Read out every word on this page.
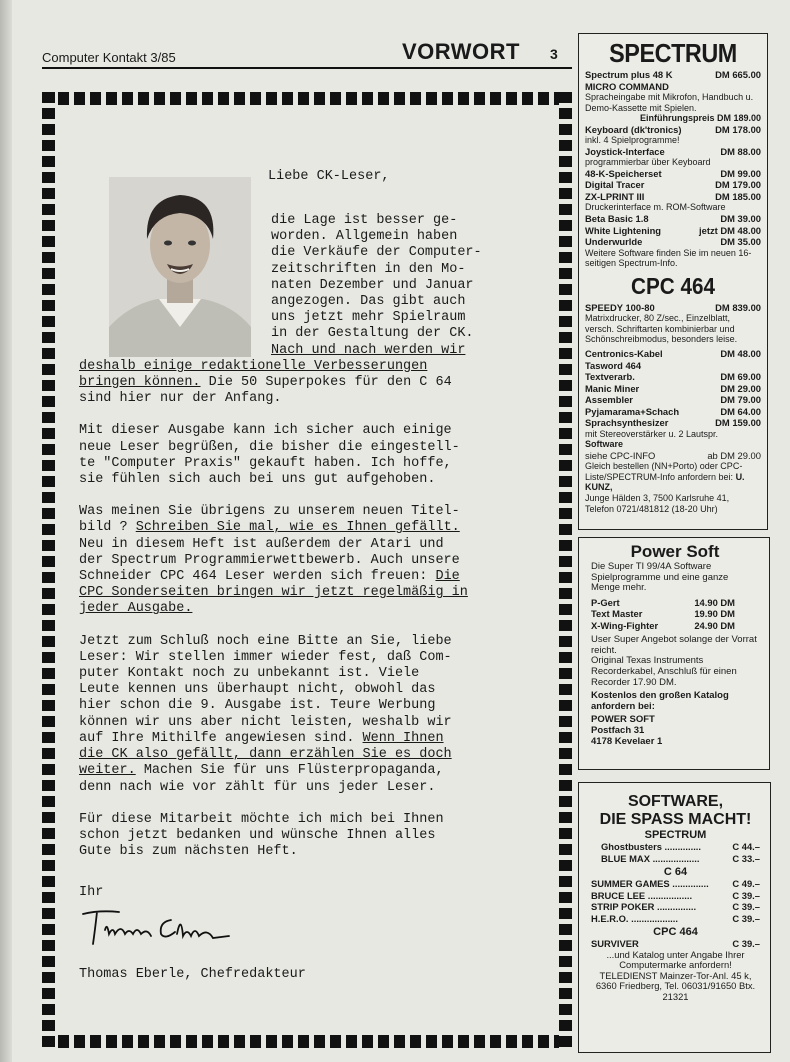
Computer Kontakt 3/85	VORWORT 3
Liebe CK-Leser,
die Lage ist besser ge-
worden. Allgemein haben
die Verkäufe der Computer-
zeitschriften in den Mo-
naten Dezember und Januar
angezogen. Das gibt auch
uns jetzt mehr Spielraum
in der Gestaltung der CK.

Nach und nach werden wir
deshalb einige redaktionelle Verbesserungen
bringen können. Die 50 Superpokes für den C 64
sind hier nur der Anfang.

Mit dieser Ausgabe kann ich sicher auch einige
neue Leser begrüßen, die bisher die eingestell-
te "Computer Praxis" gekauft haben. Ich hoffe,
sie fühlen sich auch bei uns gut aufgehoben.

Was meinen Sie übrigens zu unserem neuen Titel-
bild ? Schreiben Sie mal, wie es Ihnen gefällt.
Neu in diesem Heft ist außerdem der Atari und
der Spectrum Programmierwettbewerb. Auch unsere
Schneider CPC 464 Leser werden sich freuen: Die
CPC Sonderseiten bringen wir jetzt regelmäßig in
jeder Ausgabe.

Jetzt zum Schluß noch eine Bitte an Sie, liebe
Leser: Wir stellen immer wieder fest, daß Com-
puter Kontakt noch zu unbekannt ist. Viele
Leute kennen uns überhaupt nicht, obwohl das
hier schon die 9. Ausgabe ist. Teure Werbung
können wir uns aber nicht leisten, weshalb wir
auf Ihre Mithilfe angewiesen sind. Wenn Ihnen
die CK also gefällt, dann erzählen Sie es doch
weiter. Machen Sie für uns Flüsterpropaganda,
denn nach wie vor zählt für uns jeder Leser.

Für diese Mitarbeit möchte ich mich bei Ihnen
schon jetzt bedanken und wünsche Ihnen alles
Gute bis zum nächsten Heft.

Ihr
Thomas Eberle, Chefredakteur
SPECTRUM
Spectrum plus 48 K	DM 665.00
MICRO COMMAND
Spracheingabe mit Mikrofon, Handbuch u. Demo-Kassette mit Spielen.
Einführungspreis DM 189.00
Keyboard (dk'tronics)	DM 178.00
inkl. 4 Spielprogramme!
Joystick-Interface	DM 88.00
programmierbar über Keyboard
48-K-Speicherset	DM 99.00
Digital Tracer	DM 179.00
ZX-LPRINT III	DM 185.00
Druckerinterface m. ROM-Software
Beta Basic 1.8	DM 39.00
White Lightening	jetzt DM 48.00
Underwurlde	DM 35.00
Weitere Software finden Sie im neuen 16-seitigen Spectrum-Info.
CPC 464
SPEEDY 100-80	DM 839.00
Matrixdrucker, 80 Z/sec., Einzelblatt, versch. Schriftarten kombinierbar und Schönschreibmodus, besonders leise.
Centronics-Kabel	DM 48.00
Tasword 464
Textverarb.	DM 69.00
Manic Miner	DM 29.00
Assembler	DM 79.00
Pyjamarama+Schach	DM 64.00
Sprachsynthesizer	DM 159.00
mit Stereoverstärker u. 2 Lautspr.
Software
siehe CPC-INFO	ab DM 29.00
Gleich bestellen (NN+Porto) oder CPC-Liste/SPECTRUM-Info anfordern bei: U. KUNZ,
Junge Hälden 3, 7500 Karlsruhe 41,
Telefon 0721/481812 (18-20 Uhr)
Power Soft
Die Super TI 99/4A Software Spielprogramme und eine ganze Menge mehr.
P-Gert	14.90 DM
Text Master	19.90 DM
X-Wing-Fighter	24.90 DM
User Super Angebot solange der Vorrat reicht.
Original Texas Instruments Recorderkabel, Anschluß für einen Recorder 17.90 DM.
Kostenlos den großen Katalog anfordern bei:
POWER SOFT
Postfach 31
4178 Kevelaer 1
SOFTWARE,
DIE SPASS MACHT!
SPECTRUM
Ghostbusters ..............	C 44.–
BLUE MAX ..................	C 33.–
C 64
SUMMER GAMES ..............	C 49.–
BRUCE LEE .................	C 39.–
STRIP POKER ...............	C 39.–
H.E.R.O. ..................	C 39.–
CPC 464
SURVIVER	C 39.–
...und Katalog unter Angabe Ihrer Computermarke anfordern! TELEDIENST Mainzer-Tor-Anl. 45 k, 6360 Friedberg, Tel. 06031/91650 Btx. 21321
